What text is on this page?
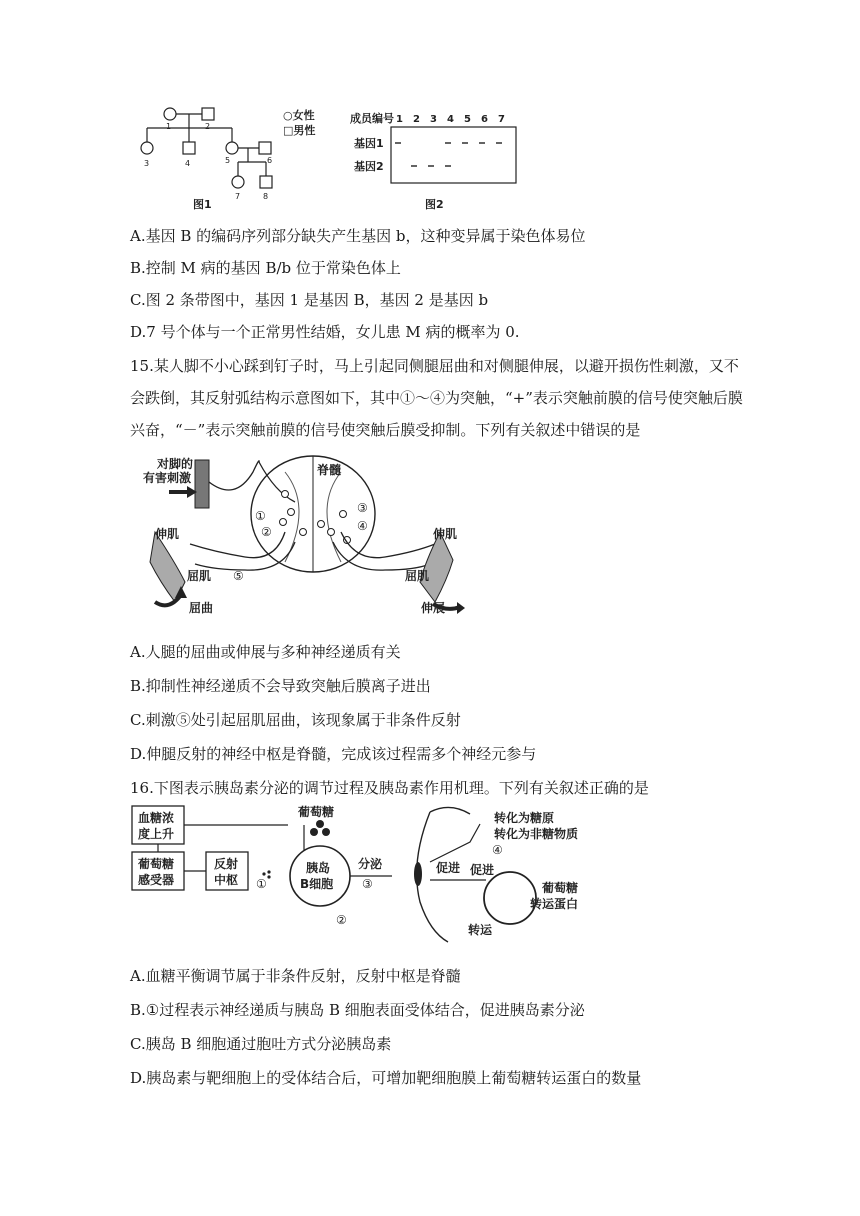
1	2
3	4	5	6
7	8
○女性
□男性
图1
成员编号 1 2 3 4 5 6 7
基因1
基因2
图2
A.基因 B 的编码序列部分缺失产生基因 b，这种变异属于染色体易位
B.控制 M 病的基因 B/b 位于常染色体上
C.图 2 条带图中，基因 1 是基因 B，基因 2 是基因 b
D.7 号个体与一个正常男性结婚，女儿患 M 病的概率为 0.
15.某人脚不小心踩到钉子时，马上引起同侧腿屈曲和对侧腿伸展，以避开损伤性刺激，又不会跌倒，其反射弧结构示意图如下，其中①～④为突触，“+”表示突触前膜的信号使突触后膜兴奋，“－”表示突触前膜的信号使突触后膜受抑制。下列有关叙述中错误的是
对脚的
有害刺激
脊髓
伸肌
屈肌
屈曲
伸肌
屈肌
伸展
①
②
③
④
⑤
A.人腿的屈曲或伸展与多种神经递质有关
B.抑制性神经递质不会导致突触后膜离子进出
C.刺激⑤处引起屈肌屈曲，该现象属于非条件反射
D.伸腿反射的神经中枢是脊髓，完成该过程需多个神经元参与
16.下图表示胰岛素分泌的调节过程及胰岛素作用机理。下列有关叙述正确的是
血糖浓
度上升
葡萄糖
感受器
反射
中枢
葡萄糖
胰岛
B细胞
分泌
①
②
③
促进 促进
转化为糖原
转化为非糖物质
④
葡萄糖
转运蛋白
转运
A.血糖平衡调节属于非条件反射，反射中枢是脊髓
B.①过程表示神经递质与胰岛 B 细胞表面受体结合，促进胰岛素分泌
C.胰岛 B 细胞通过胞吐方式分泌胰岛素
D.胰岛素与靶细胞上的受体结合后，可增加靶细胞膜上葡萄糖转运蛋白的数量
